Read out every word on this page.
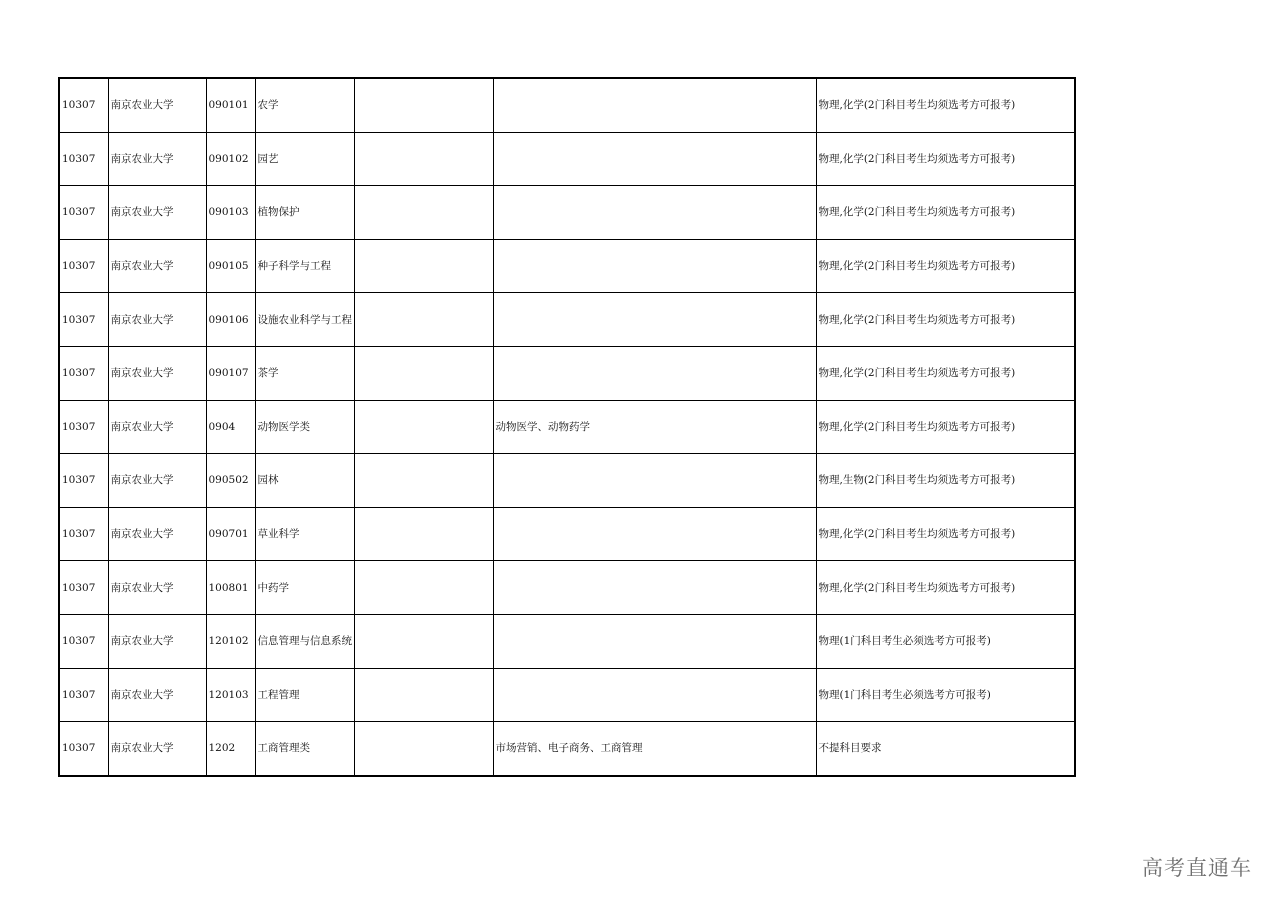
10307	南京农业大学	090101	农学			物理,化学(2门科目考生均须选考方可报考)
10307	南京农业大学	090102	园艺			物理,化学(2门科目考生均须选考方可报考)
10307	南京农业大学	090103	植物保护			物理,化学(2门科目考生均须选考方可报考)
10307	南京农业大学	090105	种子科学与工程			物理,化学(2门科目考生均须选考方可报考)
10307	南京农业大学	090106	设施农业科学与工程			物理,化学(2门科目考生均须选考方可报考)
10307	南京农业大学	090107	茶学			物理,化学(2门科目考生均须选考方可报考)
10307	南京农业大学	0904	动物医学类		动物医学、动物药学	物理,化学(2门科目考生均须选考方可报考)
10307	南京农业大学	090502	园林			物理,生物(2门科目考生均须选考方可报考)
10307	南京农业大学	090701	草业科学			物理,化学(2门科目考生均须选考方可报考)
10307	南京农业大学	100801	中药学			物理,化学(2门科目考生均须选考方可报考)
10307	南京农业大学	120102	信息管理与信息系统			物理(1门科目考生必须选考方可报考)
10307	南京农业大学	120103	工程管理			物理(1门科目考生必须选考方可报考)
10307	南京农业大学	1202	工商管理类		市场营销、电子商务、工商管理	不提科目要求
高考直通车
